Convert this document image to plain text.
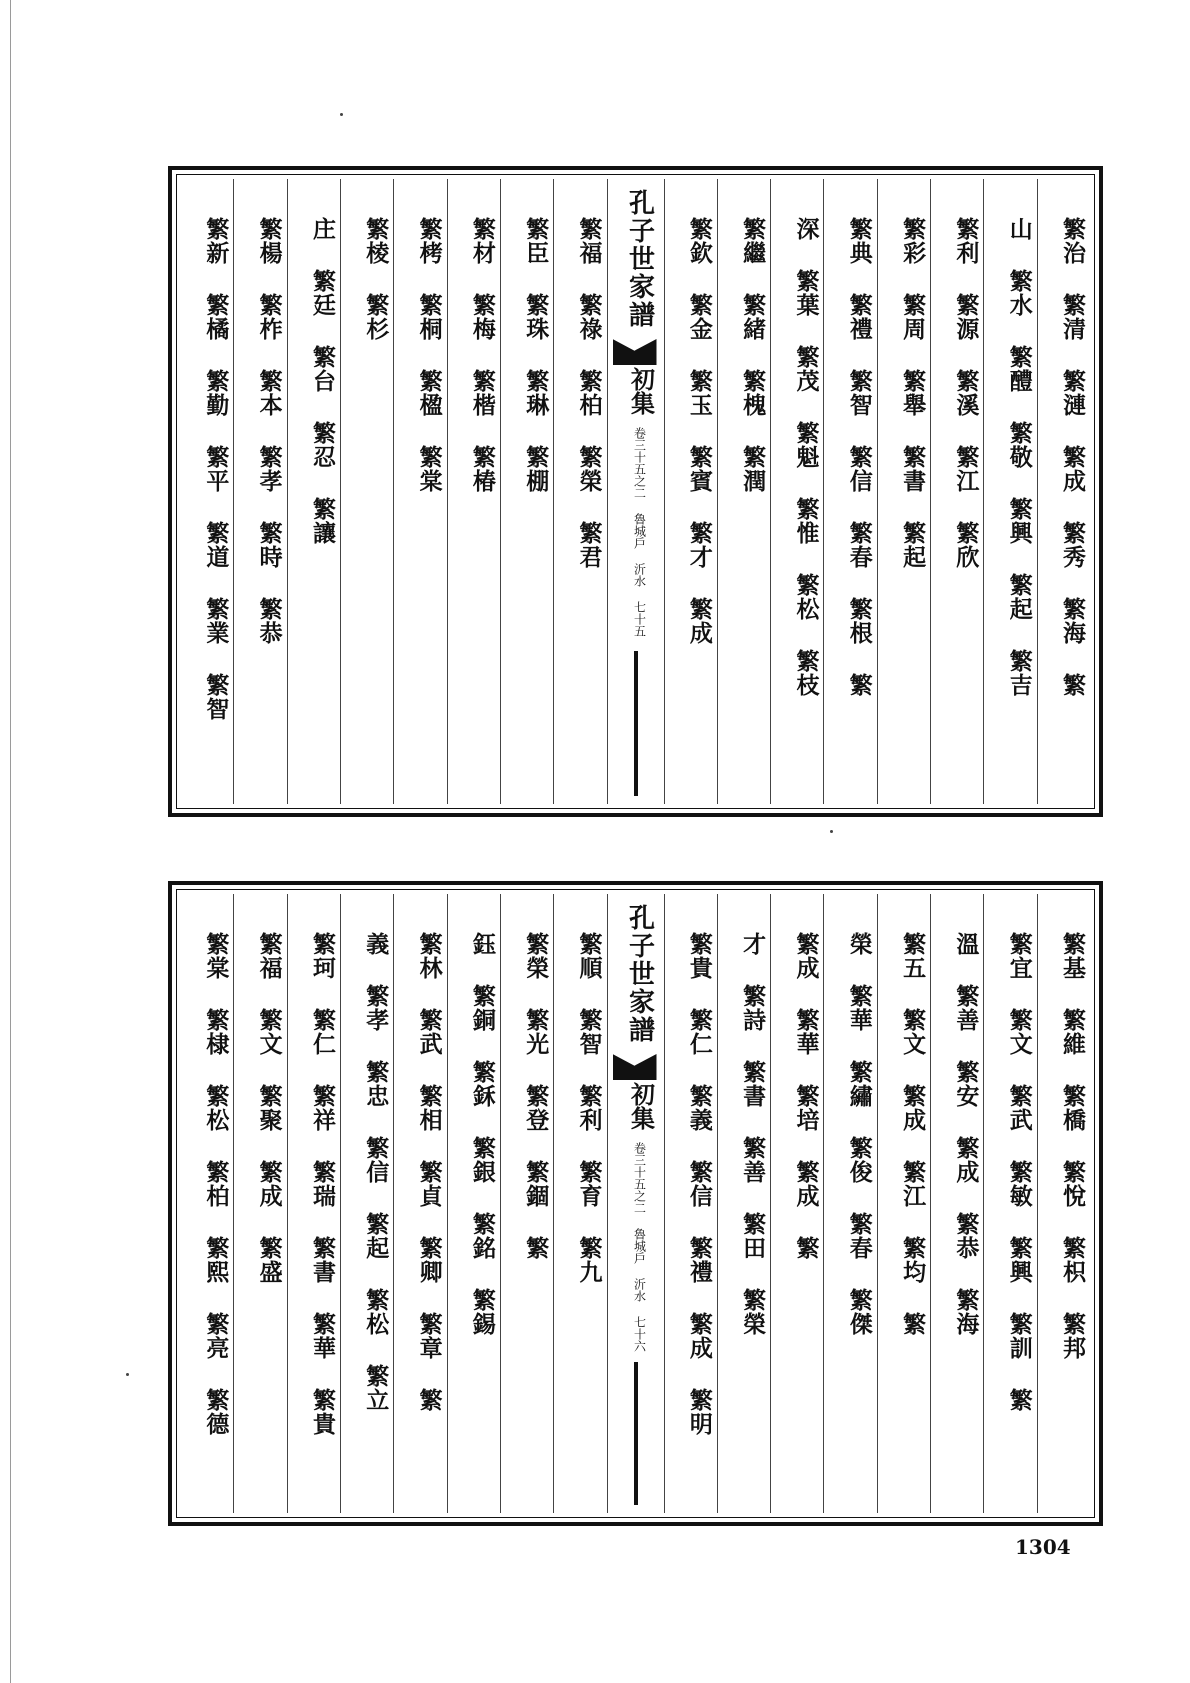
繁治 繁清 繁漣 繁成 繁秀 繁海 繁
山 繁水 繁醴 繁敬 繁興 繁起 繁吉
繁利 繁源 繁溪 繁江 繁欣
繁彩 繁周 繁舉 繁書 繁起
繁典 繁禮 繁智 繁信 繁春 繁根 繁
深 繁葉 繁茂 繁魁 繁惟 繁松 繁枝
繁繼 繁緒 繁槐 繁潤
繁欽 繁金 繁玉 繁賓 繁才 繁成
孔子世家譜
初集
卷三十五之二 魯城戶 沂水 七十五
繁福 繁祿 繁柏 繁榮 繁君
繁臣 繁珠 繁琳 繁棚
繁材 繁梅 繁楷 繁椿
繁栲 繁桐 繁楹 繁棠
繁棱 繁杉
庄 繁廷 繁台 繁忍 繁讓
繁楊 繁柞 繁本 繁孝 繁時 繁恭
繁新 繁橘 繁勤 繁平 繁道 繁業 繁智
繁基 繁維 繁橋 繁悅 繁枳 繁邦
繁宜 繁文 繁武 繁敏 繁興 繁訓 繁
溫 繁善 繁安 繁成 繁恭 繁海
繁五 繁文 繁成 繁江 繁均 繁
榮 繁華 繁繡 繁俊 繁春 繁傑
繁成 繁華 繁培 繁成 繁
才 繁詩 繁書 繁善 繁田 繁榮
繁貴 繁仁 繁義 繁信 繁禮 繁成 繁明
孔子世家譜
初集
卷三十五之二 魯城戶 沂水 七十六
繁順 繁智 繁利 繁育 繁九
繁榮 繁光 繁登 繁錮 繁
鈺 繁銅 繁鉌 繁銀 繁銘 繁錫
繁林 繁武 繁相 繁貞 繁卿 繁章 繁
義 繁孝 繁忠 繁信 繁起 繁松 繁立
繁珂 繁仁 繁祥 繁瑞 繁書 繁華 繁貴
繁福 繁文 繁聚 繁成 繁盛
繁棠 繁棣 繁松 繁柏 繁熙 繁亮 繁德
1304
